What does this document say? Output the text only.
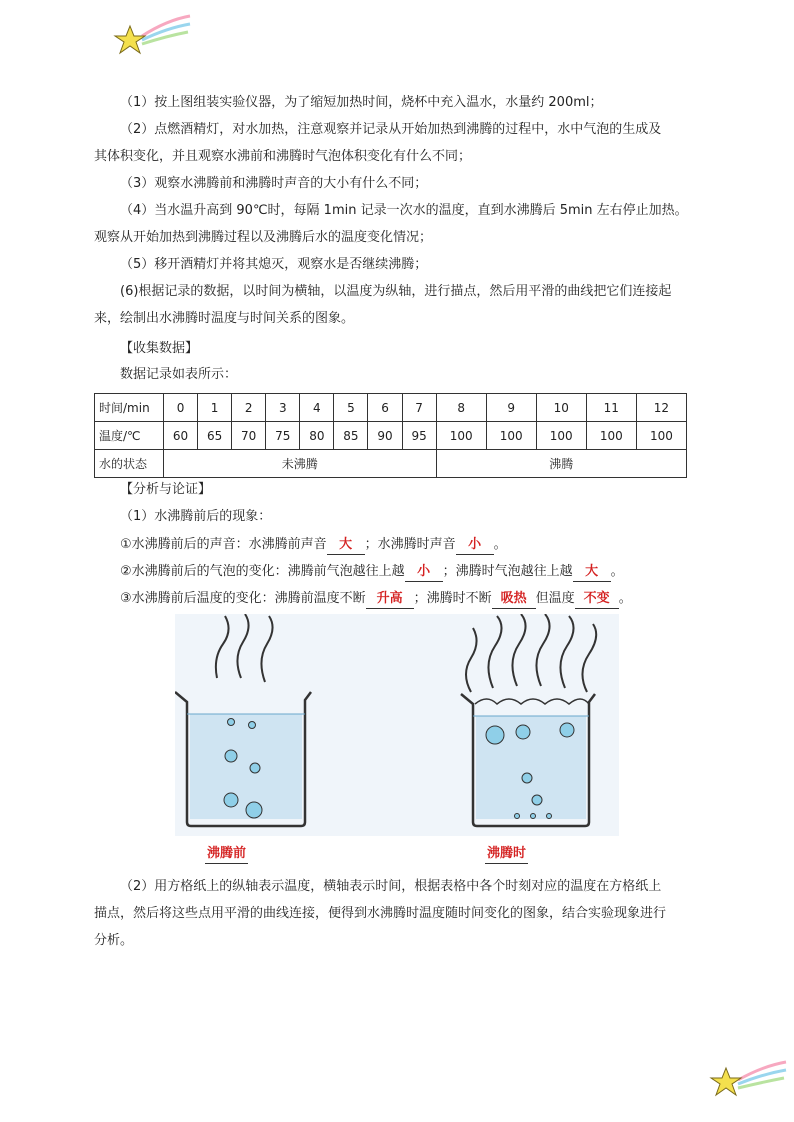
（1）按上图组装实验仪器，为了缩短加热时间，烧杯中充入温水，水量约 200ml；
（2）点燃酒精灯，对水加热，注意观察并记录从开始加热到沸腾的过程中，水中气泡的生成及
其体积变化，并且观察水沸前和沸腾时气泡体积变化有什么不同；
（3）观察水沸腾前和沸腾时声音的大小有什么不同；
（4）当水温升高到 90℃时，每隔 1min 记录一次水的温度，直到水沸腾后 5min 左右停止加热。
观察从开始加热到沸腾过程以及沸腾后水的温度变化情况；
（5）移开酒精灯并将其熄灭，观察水是否继续沸腾；
(6)根据记录的数据，以时间为横轴，以温度为纵轴，进行描点，然后用平滑的曲线把它们连接起
来，绘制出水沸腾时温度与时间关系的图象。
【收集数据】
数据记录如表所示：
时间/min	0	1	2	3	4	5	6	7	8	9	10	11	12
温度/℃	60	65	70	75	80	85	90	95	100	100	100	100	100
水的状态	未沸腾								沸腾				
【分析与论证】
（1）水沸腾前后的现象：
①水沸腾前后的声音：水沸腾前声音 大 ；水沸腾时声音 小 。
②水沸腾前后的气泡的变化：沸腾前气泡越往上越 小 ；沸腾时气泡越往上越 大 。
③水沸腾前后温度的变化：沸腾前温度不断 升高 ；沸腾时不断 吸热 但温度 不变 。
沸腾前	沸腾时
（2）用方格纸上的纵轴表示温度，横轴表示时间，根据表格中各个时刻对应的温度在方格纸上
描点，然后将这些点用平滑的曲线连接，便得到水沸腾时温度随时间变化的图象，结合实验现象进行
分析。
